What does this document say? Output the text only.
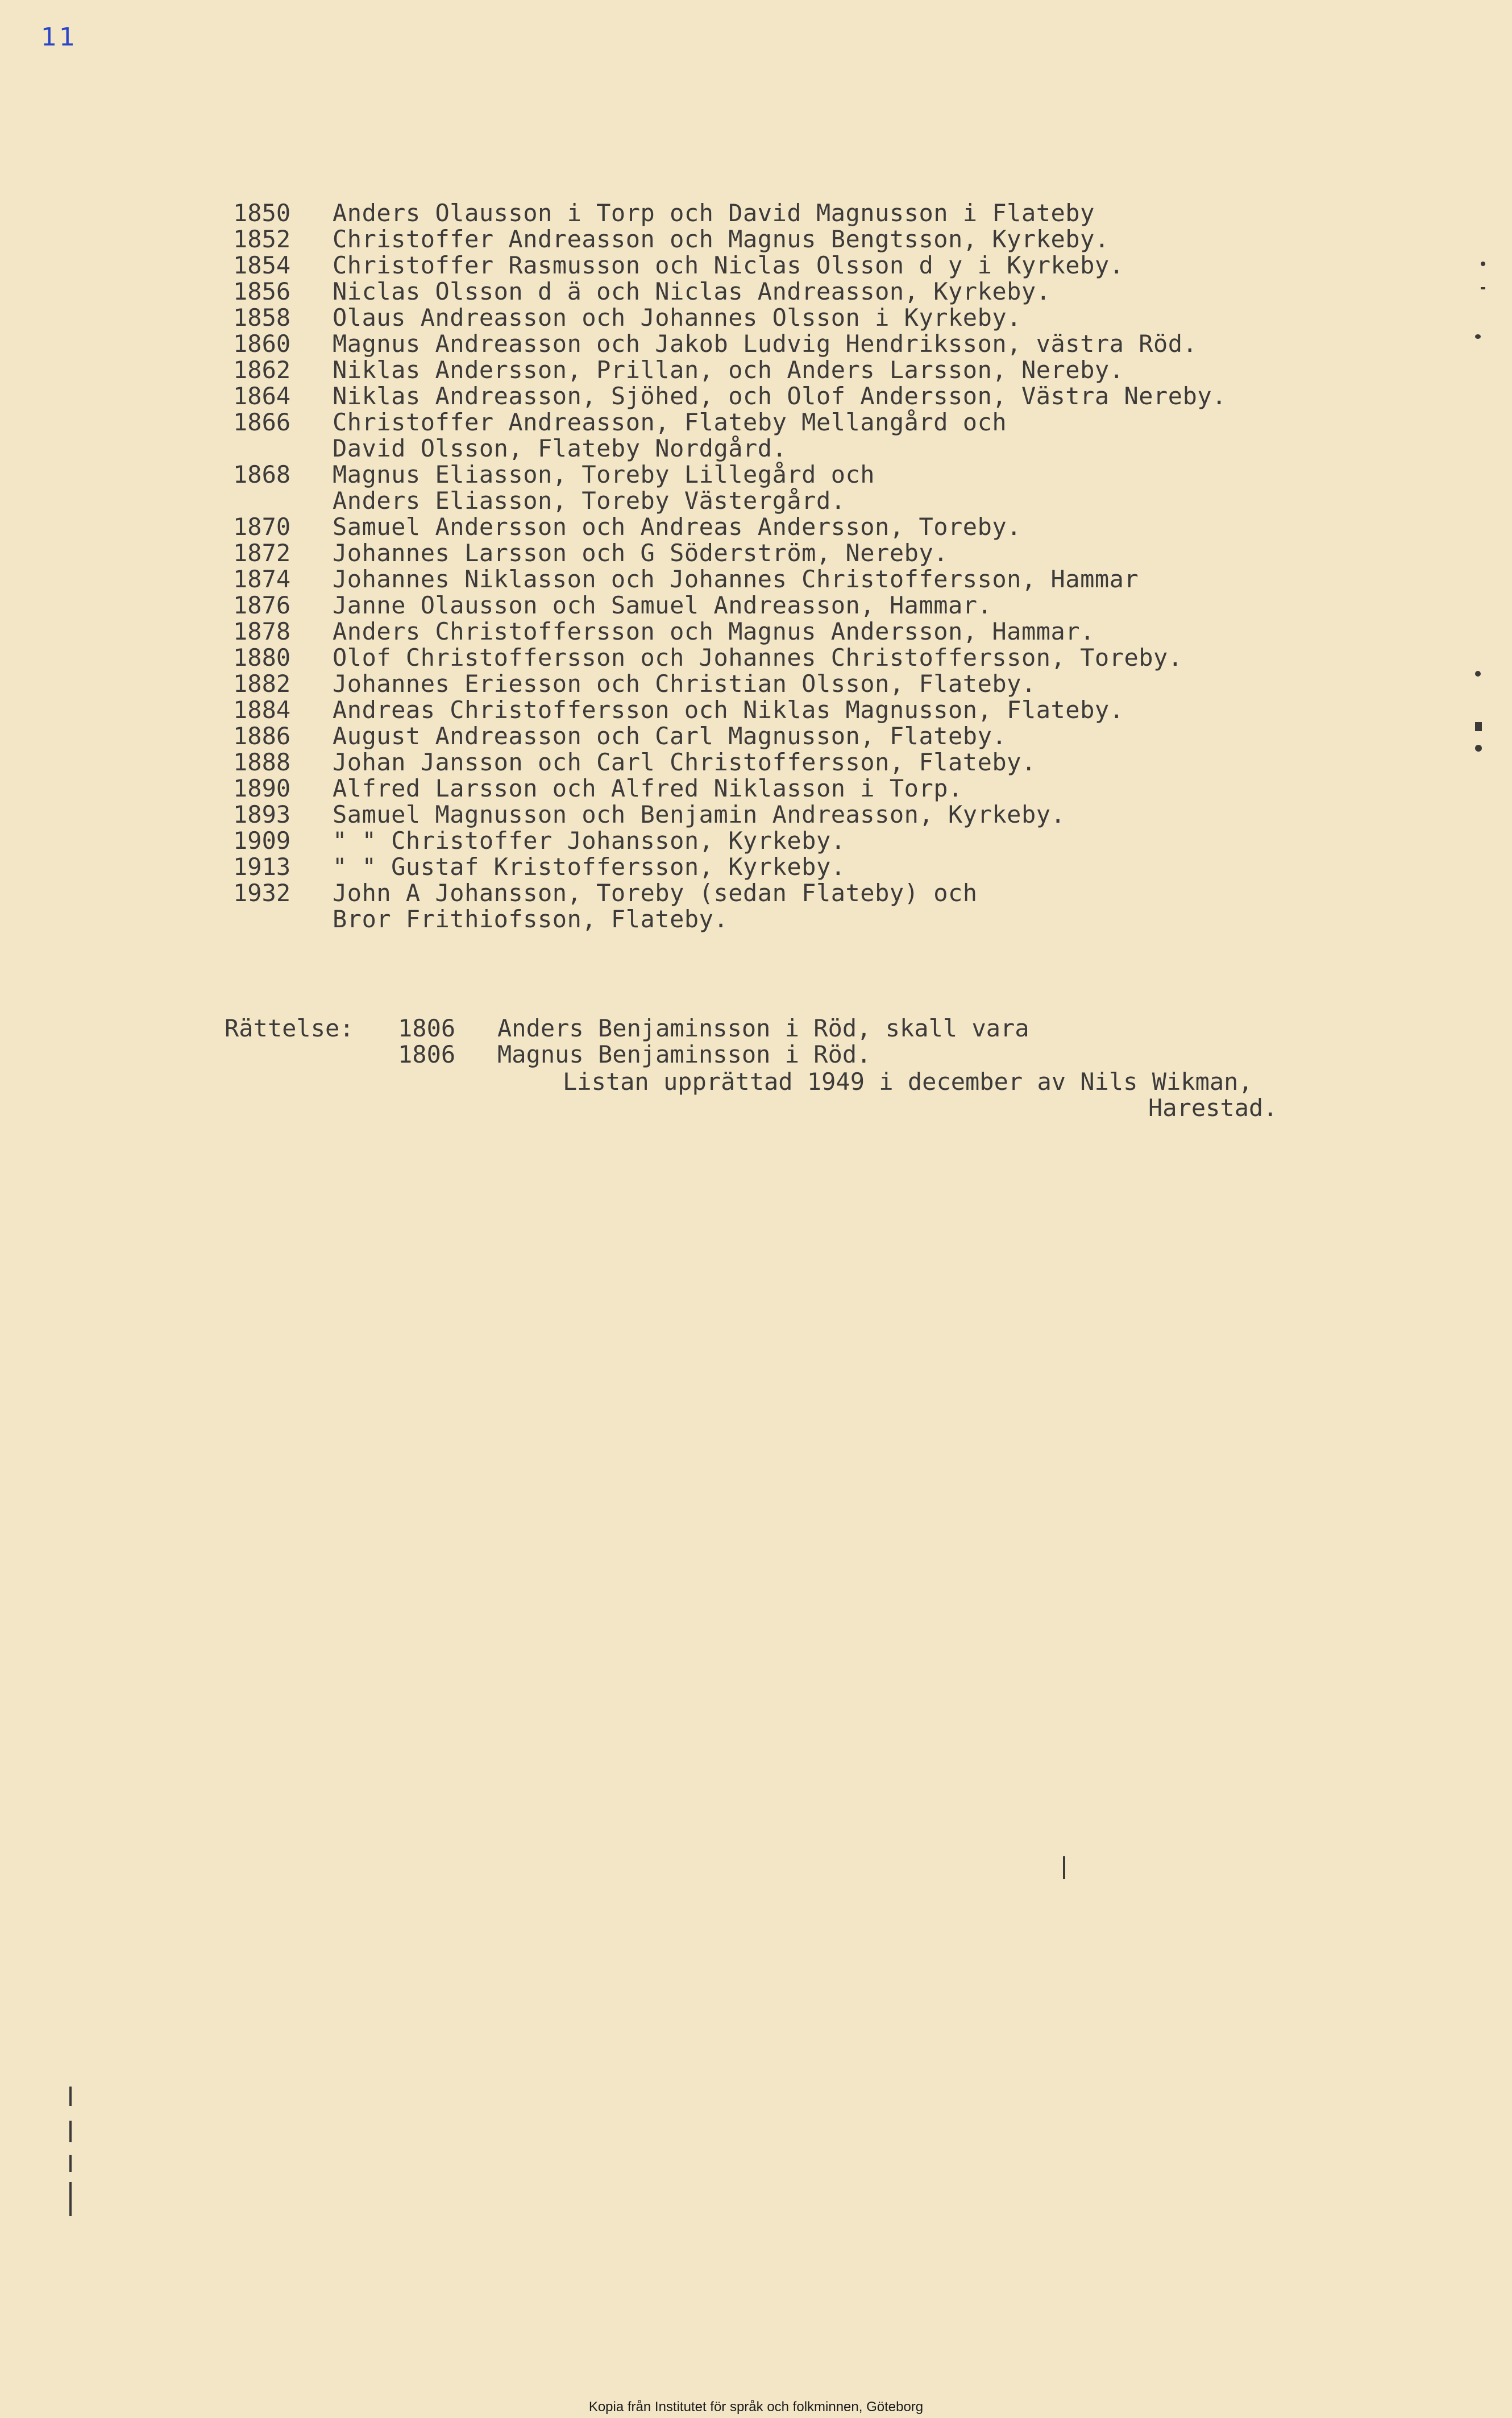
11
1850	Anders Olausson i Torp och David Magnusson i Flateby
1852	Christoffer Andreasson och Magnus Bengtsson, Kyrkeby.
1854	Christoffer Rasmusson och Niclas Olsson d y i Kyrkeby.
1856	Niclas Olsson d ä och Niclas Andreasson, Kyrkeby.
1858	Olaus Andreasson och Johannes Olsson i Kyrkeby.
1860	Magnus Andreasson och Jakob Ludvig Hendriksson, västra Röd.
1862	Niklas Andersson, Prillan, och Anders Larsson, Nereby.
1864	Niklas Andreasson, Sjöhed, och Olof Andersson, Västra Nereby.
1866	Christoffer Andreasson, Flateby Mellangård och
David Olsson, Flateby Nordgård.
1868	Magnus Eliasson, Toreby Lillegård och
Anders Eliasson, Toreby Västergård.
1870	Samuel Andersson och Andreas Andersson, Toreby.
1872	Johannes Larsson och G Söderström, Nereby.
1874	Johannes Niklasson och Johannes Christoffersson, Hammar
1876	Janne Olausson och Samuel Andreasson, Hammar.
1878	Anders Christoffersson och Magnus Andersson, Hammar.
1880	Olof Christoffersson och Johannes Christoffersson, Toreby.
1882	Johannes Eriesson och Christian Olsson, Flateby.
1884	Andreas Christoffersson och Niklas Magnusson, Flateby.
1886	August Andreasson och Carl Magnusson, Flateby.
1888	Johan Jansson och Carl Christoffersson, Flateby.
1890	Alfred Larsson och Alfred Niklasson i Torp.
1893	Samuel Magnusson och Benjamin Andreasson, Kyrkeby.
1909	" " Christoffer Johansson, Kyrkeby.
1913	" " Gustaf Kristoffersson, Kyrkeby.
1932	John A Johansson, Toreby (sedan Flateby) och
Bror Frithiofsson, Flateby.
Rättelse:	1806	Anders Benjaminsson i Röd, skall vara
1806	Magnus Benjaminsson i Röd.
Listan upprättad 1949 i december av Nils Wikman,
Harestad.
Kopia från Institutet för språk och folkminnen, Göteborg
